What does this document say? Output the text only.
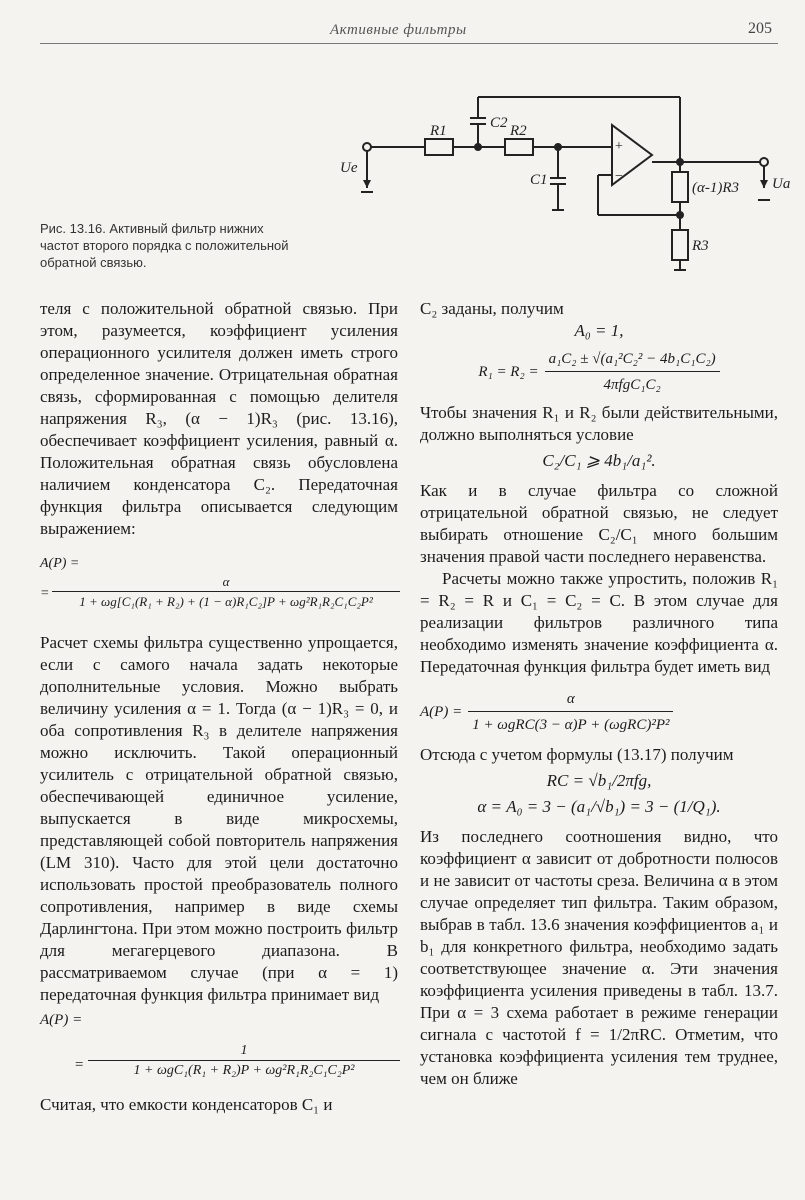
Активные фильтры	205
R1	R2
C2
C1	(α-1)R3
R3
Uе
Uа
+
−
Рис. 13.16. Активный фильтр нижних частот второго порядка с положительной обратной связью.

теля с положительной обратной связью. При этом, разумеется, коэффициент усиления операционного усилителя должен иметь строго определенное значение. Отрицательная обратная связь, сформированная с помощью делителя напряжения R₃, (α − 1)R₃ (рис. 13.16), обеспечивает коэффициент усиления, равный α. Положительная обратная связь обусловлена наличием конденсатора C₂. Передаточная функция фильтра описывается следующим выражением:

A(P) =
=
α
1 + ωg[C₁(R₁ + R₂) + (1 − α)R₁C₂]P + ωg²R₁R₂C₁C₂P²

Расчет схемы фильтра существенно упрощается, если с самого начала задать некоторые дополнительные условия. Можно выбрать величину усиления α = 1. Тогда (α − 1)R₃ = 0, и оба сопротивления R₃ в делителе напряжения можно исключить. Такой операционный усилитель с отрицательной обратной связью, обеспечивающей единичное усиление, выпускается в виде микросхемы, представляющей собой повторитель напряжения (LM 310). Часто для этой цели достаточно использовать простой преобразователь полного сопротивления, например в виде схемы Дарлингтона. При этом можно построить фильтр для мегагерцевого диапазона. В рассматриваемом случае (при α = 1) передаточная функция фильтра принимает вид

A(P) =
=
1
1 + ωgC₁(R₁ + R₂)P + ωg²R₁R₂C₁C₂P²

Считая, что емкости конденсаторов C₁ и

C₂ заданы, получим

A₀ = 1,
$R_1 = R_2 = \frac{\text{a₁C₂ ± √(a₁²C₂² − 4b₁C₁C₂)}}{\text{4πfgC₁C₂}}$

Чтобы значения R₁ и R₂ были действительными, должно выполняться условие

C₂/C₁ ⩾ 4b₁/a₁².

Как и в случае фильтра со сложной отрицательной обратной связью, не следует выбирать отношение C₂/C₁ много большим значения правой части последнего неравенства.

Расчеты можно также упростить, положив R₁ = R₂ = R и C₁ = C₂ = C. В этом случае для реализации фильтров различного типа необходимо изменять значение коэффициента α. Передаточная функция фильтра будет иметь вид

$A(P) = \frac{\alpha}{\text{1 + ωgRC(3 − α)P + (ωgRC)²P²}}$

Отсюда с учетом формулы (13.17) получим

RC = √b₁/2πfg,
α = A₀ = 3 − (a₁/√b₁) = 3 − (1/Q₁).

Из последнего соотношения видно, что коэффициент α зависит от добротности полюсов и не зависит от частоты среза. Величина α в этом случае определяет тип фильтра. Таким образом, выбрав в табл. 13.6 значения коэффициентов a₁ и b₁ для конкретного фильтра, необходимо задать соответствующее значение α. Эти значения коэффициента усиления приведены в табл. 13.7. При α = 3 схема работает в режиме генерации сигнала с частотой f = 1/2πRC. Отметим, что установка коэффициента усиления тем труднее, чем он ближе
